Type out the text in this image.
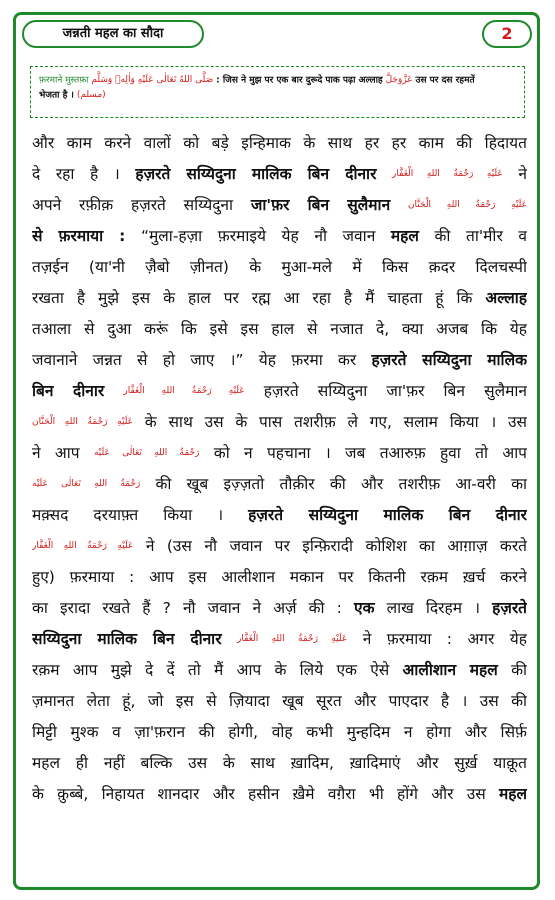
जन्नती महल का सौदा	2
फ़रमाने मुस्तफ़ा صَلَّى اللهُ تَعَالٰى عَلَيْهِ وَاٰلِهٖ وَسَلَّم : जिस ने मुझ पर एक बार दुरूदे पाक पढ़ा अल्लाह عَزَّوَجَلَّ उस पर दस रहमतें
भेजता है । (مسلم)
और काम करने वालों को बड़े इन्हिमाक के साथ हर हर काम की हिदायत
दे रहा है । हज़रते सय्यिदुना मालिक बिन दीनार عَلَيْهِ رَحْمَةُ اللهِ الْغَفَّار ने
अपने रफ़ीक़ हज़रते सय्यिदुना जा'फ़र बिन सुलैमान عَلَيْهِ رَحْمَةُ اللهِ الْحَنَّان
से फ़रमाया : “मुला-हज़ा फ़रमाइये येह नौ जवान महल की ता'मीर व
तज़ईन (या'नी ज़ैबो ज़ीनत) के मुआ-मले में किस क़दर दिलचस्पी
रखता है मुझे इस के हाल पर रह्म आ रहा है मैं चाहता हूं कि अल्लाह
तआला से दुआ करूं कि इसे इस हाल से नजात दे, क्या अजब कि येह
जवानाने जन्नत से हो जाए ।” येह फ़रमा कर हज़रते सय्यिदुना मालिक
बिन दीनार عَلَيْهِ رَحْمَةُ اللهِ الْغَفَّار हज़रते सय्यिदुना जा'फ़र बिन सुलैमान
عَلَيْهِ رَحْمَةُ اللهِ الْحَنَّان के साथ उस के पास तशरीफ़ ले गए, सलाम किया । उस
ने आप رَحْمَةُ اللهِ تَعَالٰى عَلَيْه को न पहचाना । जब तआरुफ़ हुवा तो आप
رَحْمَةُ اللهِ تَعَالٰى عَلَيْه की खूब इज़्ज़तो तौक़ीर की और तशरीफ़ आ-वरी का
मक़्सद दरयाफ़्त किया । हज़रते सय्यिदुना मालिक बिन दीनार
عَلَيْهِ رَحْمَةُ اللهِ الْغَفَّار ने (उस नौ जवान पर इन्फ़िरादी कोशिश का आग़ाज़ करते
हुए) फ़रमाया : आप इस आलीशान मकान पर कितनी रक़म ख़र्च करने
का इरादा रखते हैं ? नौ जवान ने अर्ज़ की : एक लाख दिरहम । हज़रते
सय्यिदुना मालिक बिन दीनार عَلَيْهِ رَحْمَةُ اللهِ الْغَفَّار ने फ़रमाया : अगर येह
रक़म आप मुझे दे दें तो मैं आप के लिये एक ऐसे आलीशान महल की
ज़मानत लेता हूं, जो इस से ज़ियादा खूब सूरत और पाएदार है । उस की
मिट्टी मुश्क व ज़ा'फ़रान की होगी, वोह कभी मुन्हदिम न होगा और सिर्फ़
महल ही नहीं बल्कि उस के साथ ख़ादिम, ख़ादिमाएं और सुर्ख़ याक़ूत
के क़ुब्बे, निहायत शानदार और हसीन ख़ैमे वग़ैरा भी होंगे और उस महल
